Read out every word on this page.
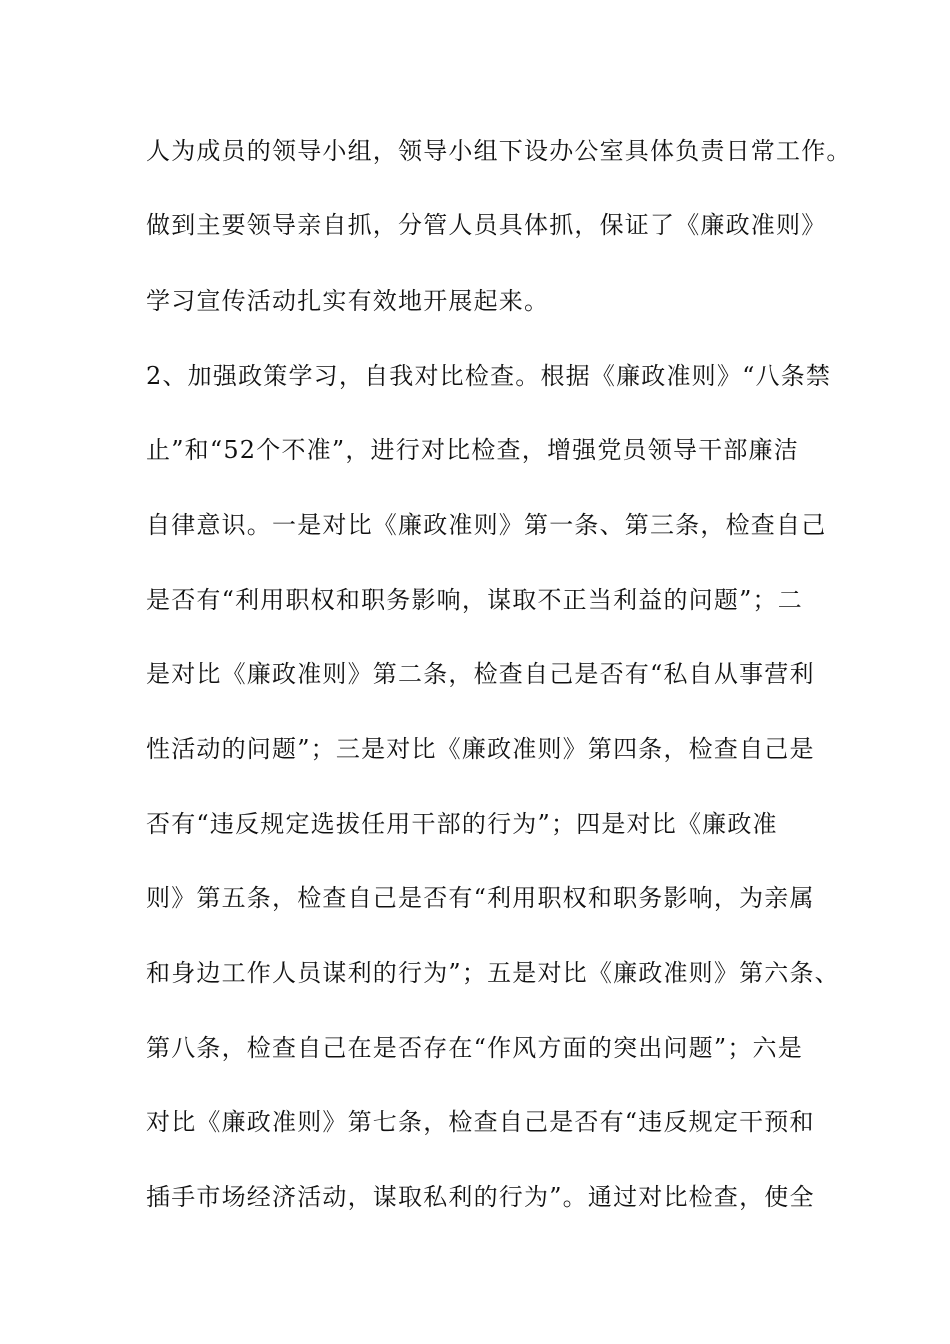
人为成员的领导小组，领导小组下设办公室具体负责日常工作。
做到主要领导亲自抓，分管人员具体抓，保证了《廉政准则》
学习宣传活动扎实有效地开展起来。
2、加强政策学习，自我对比检查。根据《廉政准则》“八条禁
止”和“52个不准”，进行对比检查，增强党员领导干部廉洁
自律意识。一是对比《廉政准则》第一条、第三条，检查自己
是否有“利用职权和职务影响，谋取不正当利益的问题”；二
是对比《廉政准则》第二条，检查自己是否有“私自从事营利
性活动的问题”；三是对比《廉政准则》第四条，检查自己是
否有“违反规定选拔任用干部的行为”；四是对比《廉政准
则》第五条，检查自己是否有“利用职权和职务影响，为亲属
和身边工作人员谋利的行为”；五是对比《廉政准则》第六条、
第八条，检查自己在是否存在“作风方面的突出问题”；六是
对比《廉政准则》第七条，检查自己是否有“违反规定干预和
插手市场经济活动，谋取私利的行为”。通过对比检查，使全
